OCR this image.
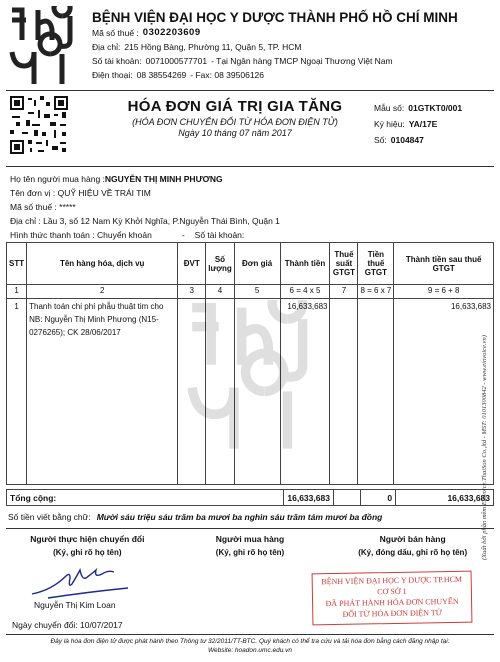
BỆNH VIỆN ĐẠI HỌC Y DƯỢC THÀNH PHỐ HỒ CHÍ MINH
Mã số thuế : 0302203609
Địa chỉ: 215 Hồng Bàng, Phường 11, Quận 5, TP. HCM
Số tài khoản: 0071000577701 - Tại Ngân hàng TMCP Ngoại Thương Việt Nam
Điện thoại: 08 38554269 - Fax: 08 39506126
HÓA ĐƠN GIÁ TRỊ GIA TĂNG
(HÓA ĐƠN CHUYỂN ĐỔI TỪ HÓA ĐƠN ĐIỆN TỬ)
Ngày 10 tháng 07 năm 2017
Mẫu số: 01GTKT0/001
Ký hiệu: YA/17E
Số: 0104847
Họ tên người mua hàng :NGUYỄN THỊ MINH PHƯƠNG
Tên đơn vị : QUỸ HIỆU VỀ TRÁI TIM
Mã số thuế : *****
Địa chỉ : Lầu 3, số 12 Nam Kỳ Khởi Nghĩa, P.Nguyễn Thái Bình, Quận 1
Hình thức thanh toán :
Chuyển khoản	- Số tài khoản:
STT	Tên hàng hóa, dịch vụ	ĐVT	Số lượng	Đơn giá	Thành tiền	Thuế suất GTGT	Tiền thuế GTGT	Thành tiền sau thuế GTGT
1	2	3	4	5	6 = 4 x 5	7	8 = 6 x 7	9 = 6 + 8
1	Thanh toán chi phí phẫu thuật tim cho NB: Nguyễn Thị Minh Phương (N15-0276265); CK 28/06/2017				16,633,683			16,633,683
Tổng cộng:	16,633,683		0	16,633,683
Số tiền viết bằng chữ: Mười sáu triệu sáu trăm ba mươi ba nghìn sáu trăm tám mươi ba đồng
Người thực hiện chuyển đổi
(Ký, ghi rõ họ tên)
Người mua hàng
(Ký, ghi rõ họ tên)
Người bán hàng
(Ký, đóng dấu, ghi rõ họ tên)
Nguyễn Thị Kim Loan
Ngày chuyển đổi: 10/07/2017
BỆNH VIỆN ĐẠI HỌC Y DƯỢC TP.HCM
CƠ SỞ 1
ĐÃ PHÁT HÀNH HÓA ĐƠN CHUYỂN
ĐỔI TỪ HÓA ĐƠN ĐIỆN TỬ
Đây là hóa đơn điện tử được phát hành theo Thông tư 32/2011/TT-BTC. Quý khách có thể tra cứu và tải hóa đơn bằng cách đăng nhập tại:
Website: hoadon.umc.edu.vn
(Xuất bởi phần mềm Einvoice.ThaiSon Co.,ltd - MST: 0101300842 - www.einvoice.vn)
